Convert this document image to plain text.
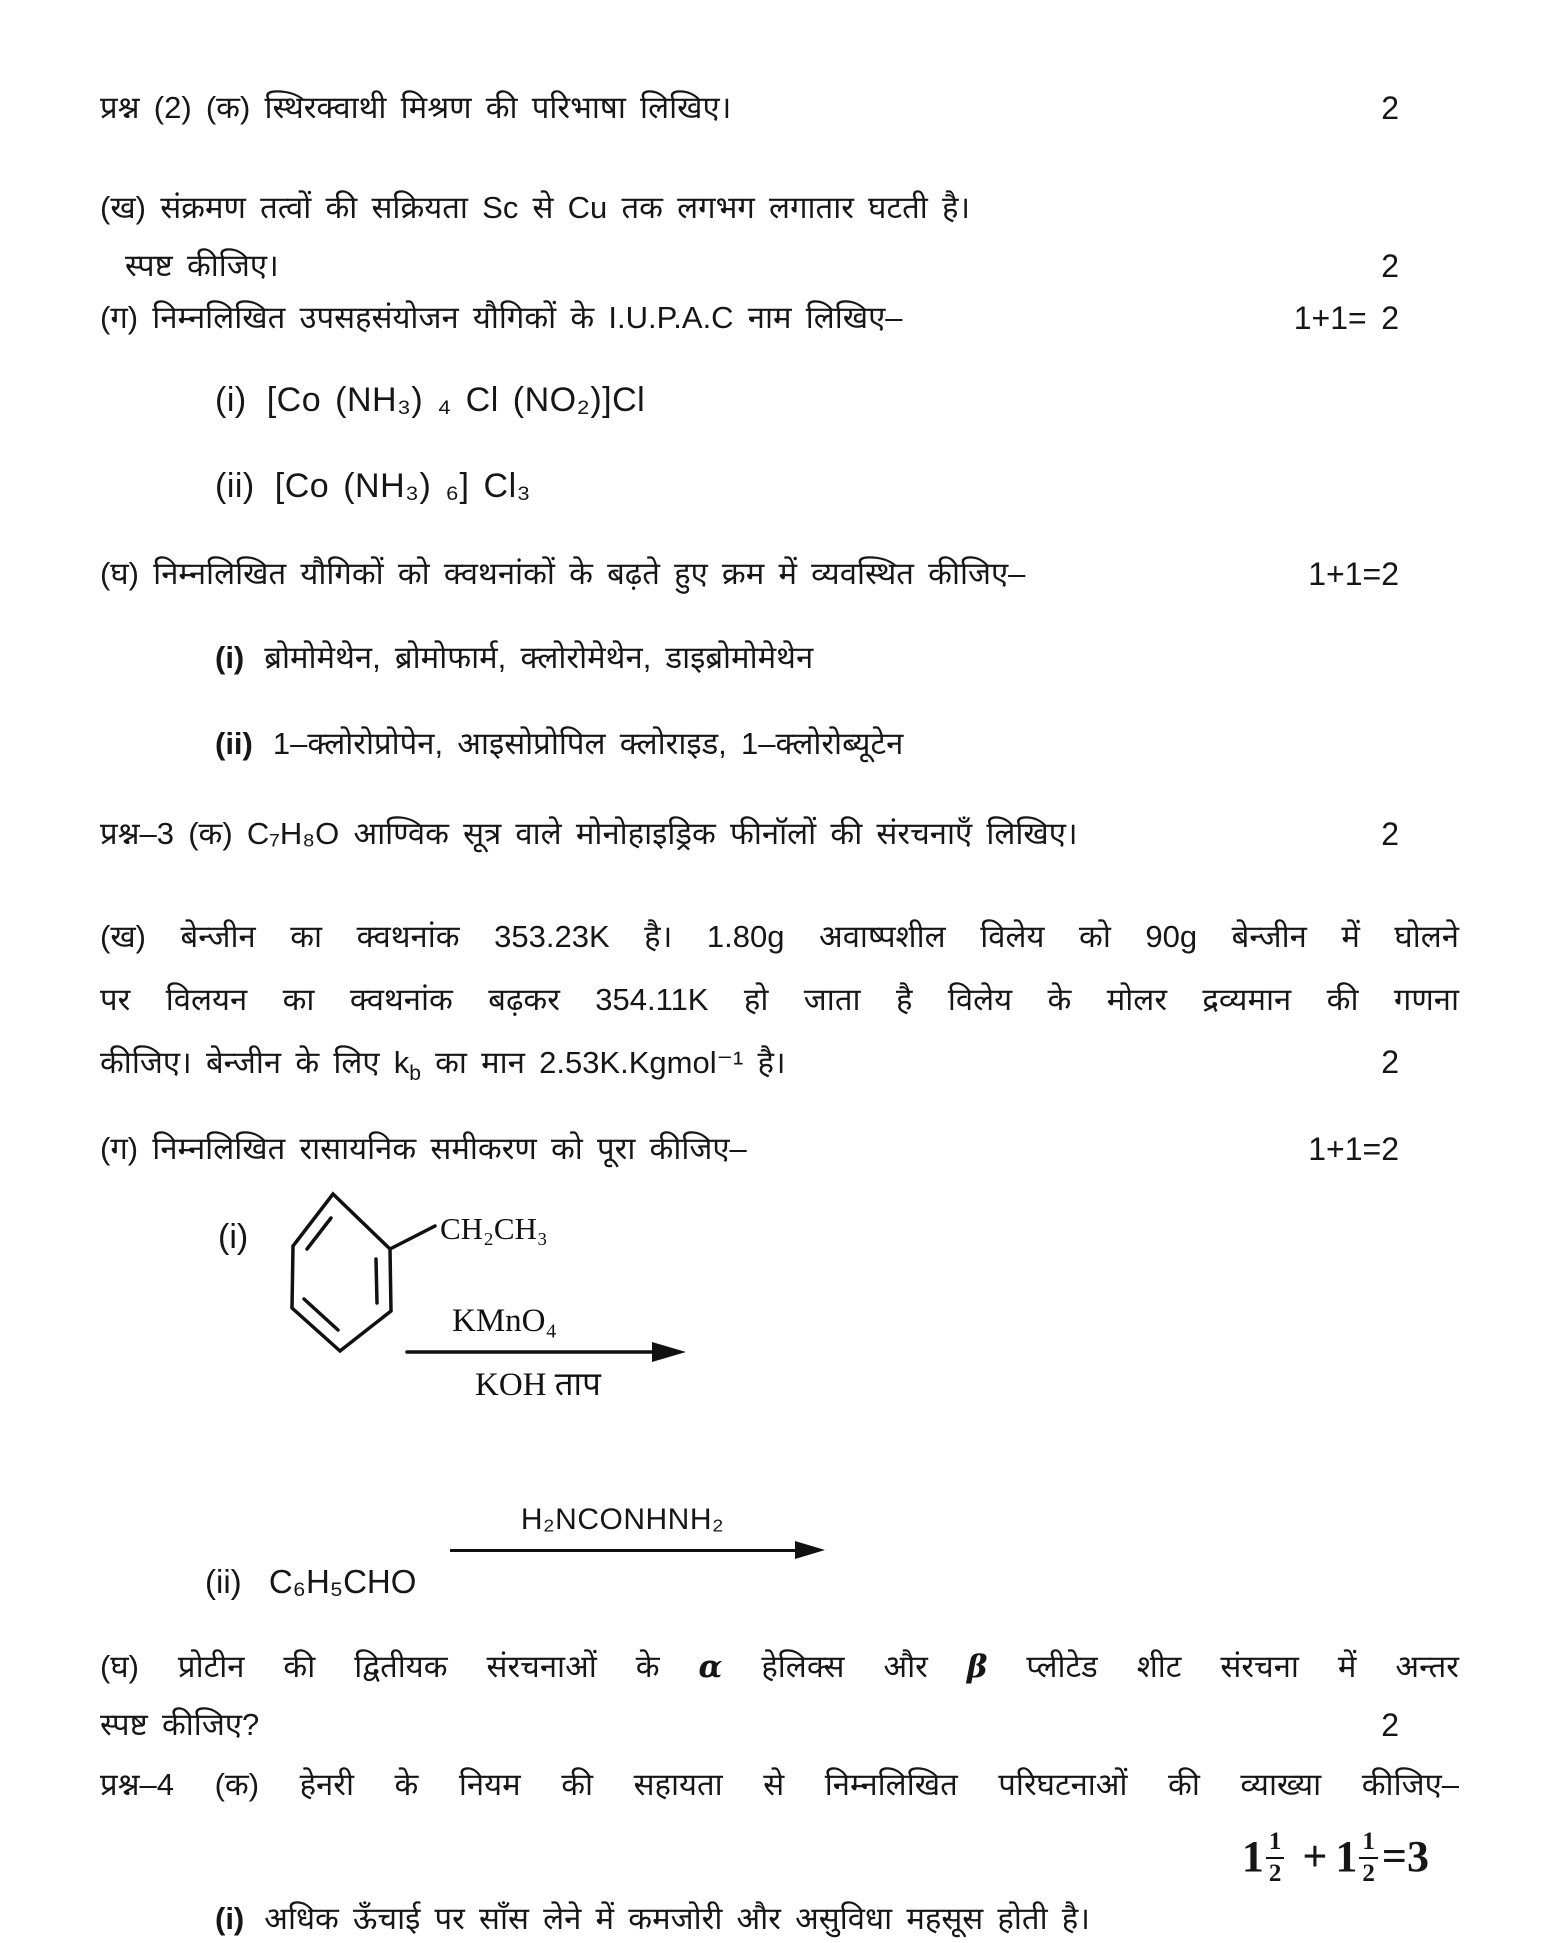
प्रश्न (2) (क) स्थिरक्वाथी मिश्रण की परिभाषा लिखिए।	2
(ख) संक्रमण तत्वों की सक्रियता Sc से Cu तक लगभग लगातार घटती है।
स्पष्ट कीजिए।	2
(ग) निम्नलिखित उपसहसंयोजन यौगिकों के I.U.P.A.C नाम लिखिए–	1+1= 2
(i) [Co (NH₃) ₄ Cl (NO₂)]Cl
(ii) [Co (NH₃) ₆] Cl₃
(घ) निम्नलिखित यौगिकों को क्वथनांकों के बढ़ते हुए क्रम में व्यवस्थित कीजिए–	1+1=2
(i) ब्रोमोमेथेन, ब्रोमोफार्म, क्लोरोमेथेन, डाइब्रोमोमेथेन
(ii) 1–क्लोरोप्रोपेन, आइसोप्रोपिल क्लोराइड, 1–क्लोरोब्यूटेन
प्रश्न–3 (क) C₇H₈O आण्विक सूत्र वाले मोनोहाइड्रिक फीनॉलों की संरचनाएँ लिखिए।	2
(ख) बेन्जीन का क्वथनांक 353.23K है। 1.80g अवाष्पशील विलेय को 90g बेन्जीन में घोलने
पर विलयन का क्वथनांक बढ़कर 354.11K हो जाता है विलेय के मोलर द्रव्यमान की गणना
कीजिए। बेन्जीन के लिए $k_b$ का मान 2.53K.Kgmol⁻¹ है।	2
(ग) निम्नलिखित रासायनिक समीकरण को पूरा कीजिए–	1+1=2
(i)	CH₂CH₃
KMnO₄
KOH ताप
H₂NCONHNH₂
(ii) C₆H₅CHO
(घ) प्रोटीन की द्वितीयक संरचनाओं के α हेलिक्स और β प्लीटेड शीट संरचना में अन्तर
स्पष्ट कीजिए?	2
प्रश्न–4 (क) हेनरी के नियम की सहायता से निम्नलिखित परिघटनाओं की व्याख्या कीजिए–
$1 \frac{1}{2} + 1 \frac{1}{2} =3$
(i) अधिक ऊँचाई पर साँस लेने में कमजोरी और असुविधा महसूस होती है।
